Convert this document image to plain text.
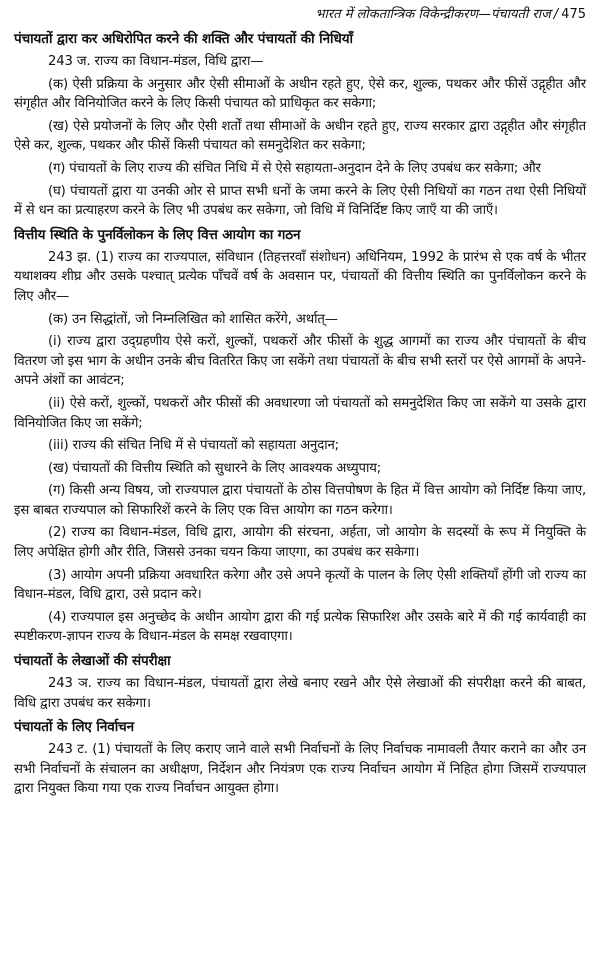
भारत में लोकतान्त्रिक विकेन्द्रीकरण—पंचायती राज / 475
पंचायतों द्वारा कर अधिरोपित करने की शक्ति और पंचायतों की निधियाँ

243 ज. राज्य का विधान-मंडल, विधि द्वारा—

(क) ऐसी प्रक्रिया के अनुसार और ऐसी सीमाओं के अधीन रहते हुए, ऐसे कर, शुल्क, पथकर और फीसें उद्गृहीत और संगृहीत और विनियोजित करने के लिए किसी पंचायत को प्राधिकृत कर सकेगा;

(ख) ऐसे प्रयोजनों के लिए और ऐसी शर्तों तथा सीमाओं के अधीन रहते हुए, राज्य सरकार द्वारा उद्गृहीत और संगृहीत ऐसे कर, शुल्क, पथकर और फीसें किसी पंचायत को समनुदेशित कर सकेगा;

(ग) पंचायतों के लिए राज्य की संचित निधि में से ऐसे सहायता-अनुदान देने के लिए उपबंध कर सकेगा; और

(घ) पंचायतों द्वारा या उनकी ओर से प्राप्त सभी धनों के जमा करने के लिए ऐसी निधियों का गठन तथा ऐसी निधियों में से धन का प्रत्याहरण करने के लिए भी उपबंध कर सकेगा, जो विधि में विनिर्दिष्ट किए जाएँ या की जाएँ।

वित्तीय स्थिति के पुनर्विलोकन के लिए वित्त आयोग का गठन

243 झ. (1) राज्य का राज्यपाल, संविधान (तिहत्तरवाँ संशोधन) अधिनियम, 1992 के प्रारंभ से एक वर्ष के भीतर यथाशक्य शीघ्र और उसके पश्चात् प्रत्येक पाँचवें वर्ष के अवसान पर, पंचायतों की वित्तीय स्थिति का पुनर्विलोकन करने के लिए और—

(क) उन सिद्धांतों, जो निम्नलिखित को शासित करेंगे, अर्थात्—

(i) राज्य द्वारा उद्ग्रहणीय ऐसे करों, शुल्कों, पथकरों और फीसों के शुद्ध आगमों का राज्य और पंचायतों के बीच वितरण जो इस भाग के अधीन उनके बीच वितरित किए जा सकेंगे तथा पंचायतों के बीच सभी स्तरों पर ऐसे आगमों के अपने-अपने अंशों का आवंटन;

(ii) ऐसे करों, शुल्कों, पथकरों और फीसों की अवधारणा जो पंचायतों को समनुदेशित किए जा सकेंगे या उसके द्वारा विनियोजित किए जा सकेंगे;

(iii) राज्य की संचित निधि में से पंचायतों को सहायता अनुदान;

(ख) पंचायतों की वित्तीय स्थिति को सुधारने के लिए आवश्यक अध्युपाय;

(ग) किसी अन्य विषय, जो राज्यपाल द्वारा पंचायतों के ठोस वित्तपोषण के हित में वित्त आयोग को निर्दिष्ट किया जाए, इस बाबत राज्यपाल को सिफारिशें करने के लिए एक वित्त आयोग का गठन करेगा।

(2) राज्य का विधान-मंडल, विधि द्वारा, आयोग की संरचना, अर्हता, जो आयोग के सदस्यों के रूप में नियुक्ति के लिए अपेक्षित होगी और रीति, जिससे उनका चयन किया जाएगा, का उपबंध कर सकेगा।

(3) आयोग अपनी प्रक्रिया अवधारित करेगा और उसे अपने कृत्यों के पालन के लिए ऐसी शक्तियाँ होंगी जो राज्य का विधान-मंडल, विधि द्वारा, उसे प्रदान करे।

(4) राज्यपाल इस अनुच्छेद के अधीन आयोग द्वारा की गई प्रत्येक सिफारिश और उसके बारे में की गई कार्यवाही का स्पष्टीकरण-ज्ञापन राज्य के विधान-मंडल के समक्ष रखवाएगा।

पंचायतों के लेखाओं की संपरीक्षा

243 ञ. राज्य का विधान-मंडल, पंचायतों द्वारा लेखे बनाए रखने और ऐसे लेखाओं की संपरीक्षा करने की बाबत, विधि द्वारा उपबंध कर सकेगा।

पंचायतों के लिए निर्वाचन

243 ट. (1) पंचायतों के लिए कराए जाने वाले सभी निर्वाचनों के लिए निर्वाचक नामावली तैयार कराने का और उन सभी निर्वाचनों के संचालन का अधीक्षण, निर्देशन और नियंत्रण एक राज्य निर्वाचन आयोग में निहित होगा जिसमें राज्यपाल द्वारा नियुक्त किया गया एक राज्य निर्वाचन आयुक्त होगा।
